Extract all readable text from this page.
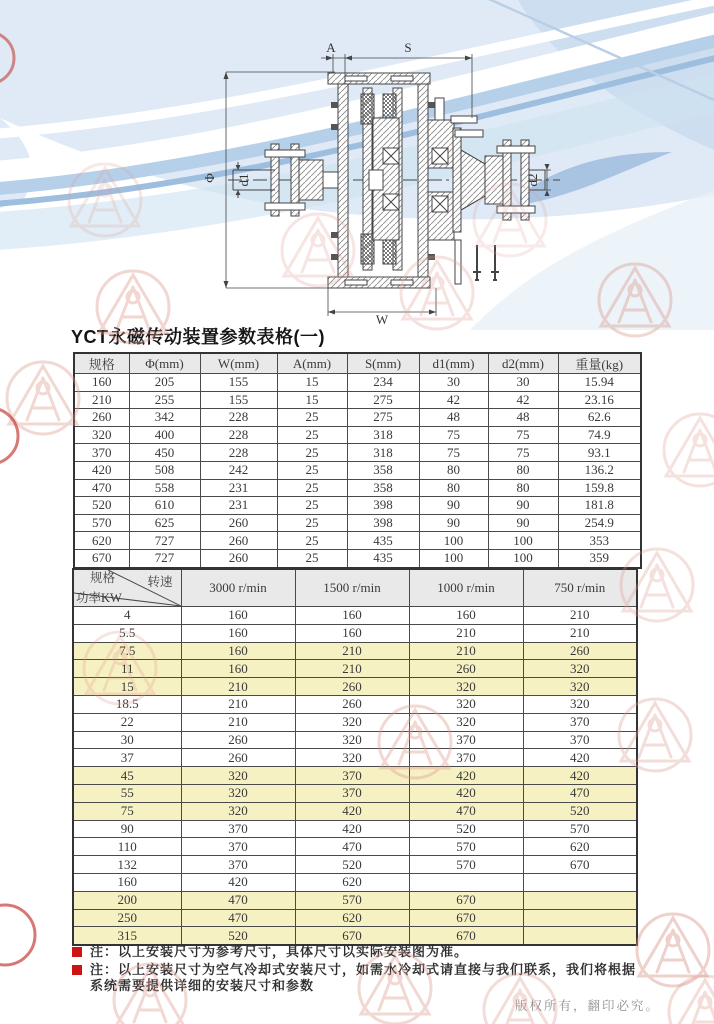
A	S
Φ d1	d2
W
YCT永磁传动装置参数表格(一)
规格	Φ(mm)	W(mm)	A(mm)	S(mm)	d1(mm)	d2(mm)	重量(kg)
160	205	155	15	234	30	30	15.94
210	255	155	15	275	42	42	23.16
260	342	228	25	275	48	48	62.6
320	400	228	25	318	75	75	74.9
370	450	228	25	318	75	75	93.1
420	508	242	25	358	80	80	136.2
470	558	231	25	358	80	80	159.8
520	610	231	25	398	90	90	181.8
570	625	260	25	398	90	90	254.9
620	727	260	25	435	100	100	353
670	727	260	25	435	100	100	359
规格 转速
功率KW	3000 r/min	1500 r/min	1000 r/min	750 r/min
4	160	160	160	210
5.5	160	160	210	210
7.5	160	210	210	260
11	160	210	260	320
15	210	260	320	320
18.5	210	260	320	320
22	210	320	320	370
30	260	320	370	370
37	260	320	370	420
45	320	370	420	420
55	320	370	420	470
75	320	420	470	520
90	370	420	520	570
110	370	470	570	620
132	370	520	570	670
160	420	620		
200	470	570	670	
250	470	620	670	
315	520	670	670	

注：以上安装尺寸为参考尺寸，具体尺寸以实际安装图为准。

注：以上安装尺寸为空气冷却式安装尺寸，如需水冷却式请直接与我们联系，我们将根据系统需要提供详细的安装尺寸和参数

版权所有，翻印必究。
